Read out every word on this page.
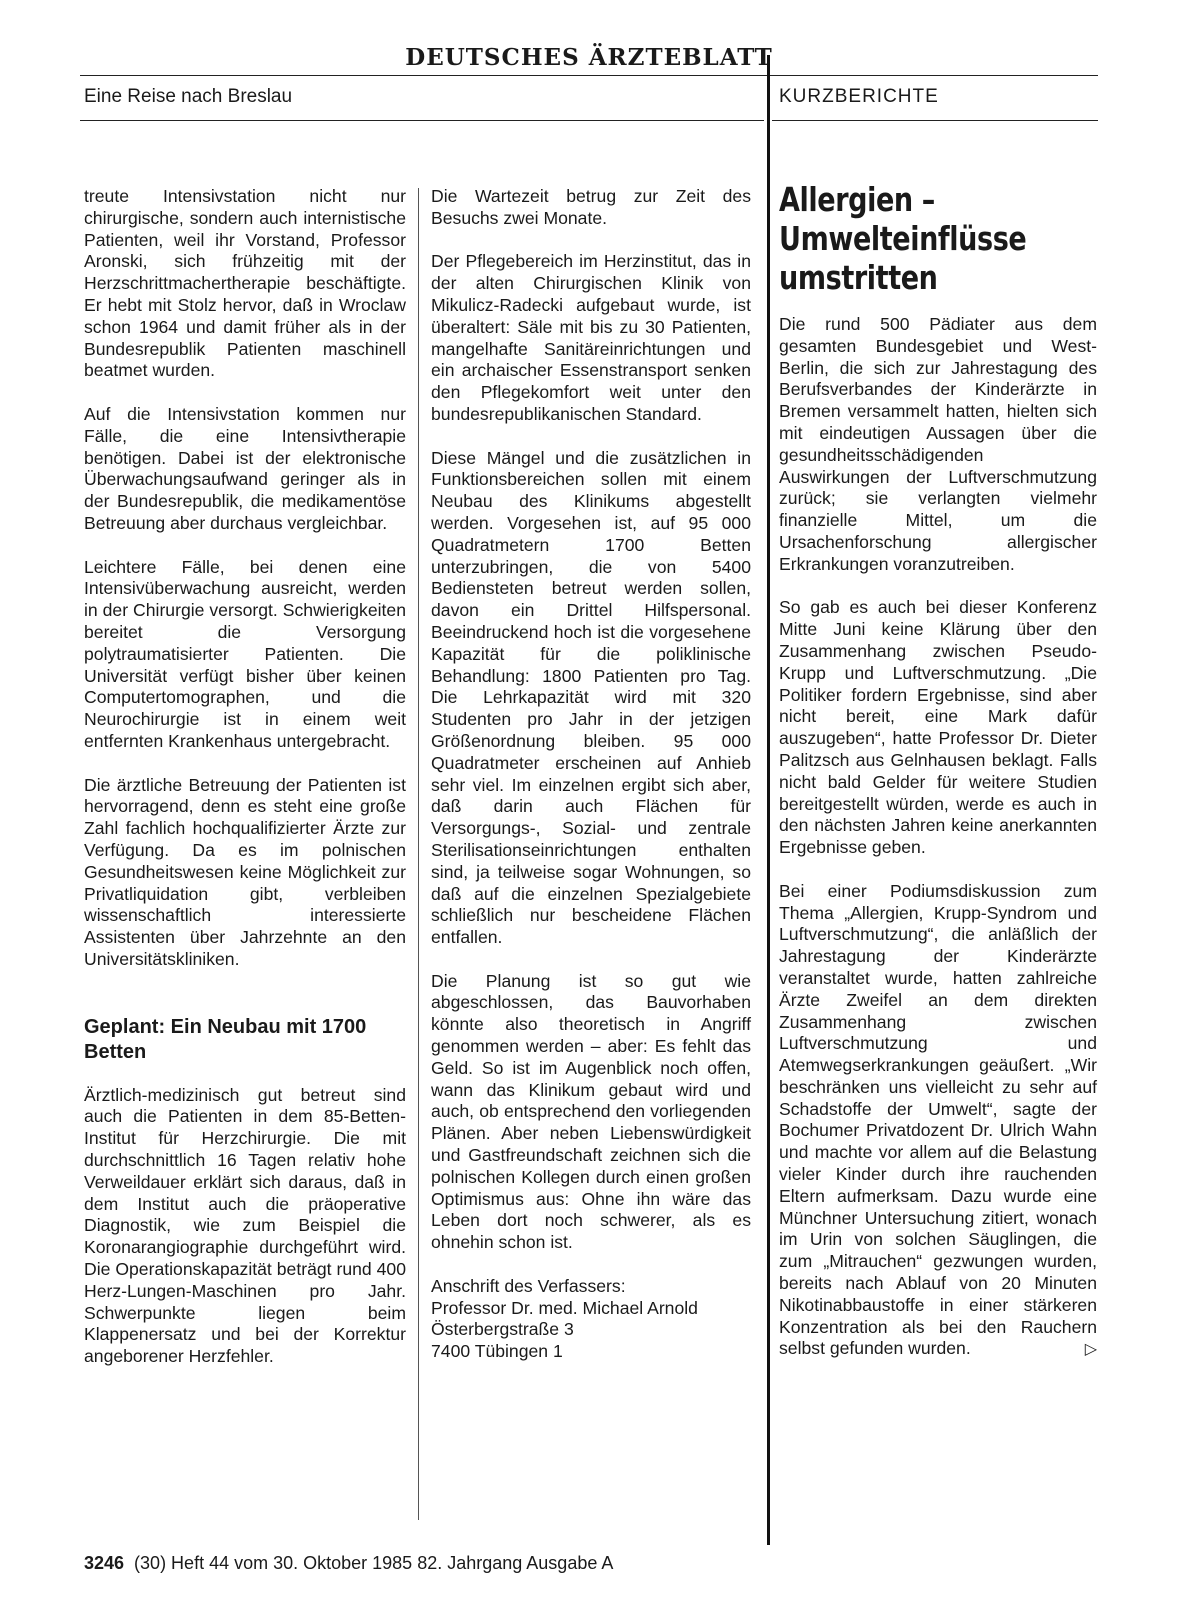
DEUTSCHES ÄRZTEBLATT
Eine Reise nach Breslau	KURZBERICHTE

treute Intensivstation nicht nur chirurgische, sondern auch internistische Patienten, weil ihr Vorstand, Professor Aronski, sich frühzeitig mit der Herzschrittmachertherapie beschäftigte. Er hebt mit Stolz hervor, daß in Wroclaw schon 1964 und damit früher als in der Bundesrepublik Patienten maschinell beatmet wurden.

Auf die Intensivstation kommen nur Fälle, die eine Intensivtherapie benötigen. Dabei ist der elektronische Überwachungsaufwand geringer als in der Bundesrepublik, die medikamentöse Betreuung aber durchaus vergleichbar.

Leichtere Fälle, bei denen eine Intensivüberwachung ausreicht, werden in der Chirurgie versorgt. Schwierigkeiten bereitet die Versorgung polytraumatisierter Patienten. Die Universität verfügt bisher über keinen Computertomographen, und die Neurochirurgie ist in einem weit entfernten Krankenhaus untergebracht.

Die ärztliche Betreuung der Patienten ist hervorragend, denn es steht eine große Zahl fachlich hochqualifizierter Ärzte zur Verfügung. Da es im polnischen Gesundheitswesen keine Möglichkeit zur Privatliquidation gibt, verbleiben wissenschaftlich interessierte Assistenten über Jahrzehnte an den Universitätskliniken.

Geplant: Ein Neubau mit 1700 Betten

Ärztlich-medizinisch gut betreut sind auch die Patienten in dem 85-Betten-Institut für Herzchirurgie. Die mit durchschnittlich 16 Tagen relativ hohe Verweildauer erklärt sich daraus, daß in dem Institut auch die präoperative Diagnostik, wie zum Beispiel die Koronarangiographie durchgeführt wird. Die Operationskapazität beträgt rund 400 Herz-Lungen-Maschinen pro Jahr. Schwerpunkte liegen beim Klappenersatz und bei der Korrektur angeborener Herzfehler.

Die Wartezeit betrug zur Zeit des Besuchs zwei Monate.

Der Pflegebereich im Herzinstitut, das in der alten Chirurgischen Klinik von Mikulicz-Radecki aufgebaut wurde, ist überaltert: Säle mit bis zu 30 Patienten, mangelhafte Sanitäreinrichtungen und ein archaischer Essenstransport senken den Pflegekomfort weit unter den bundesrepublikanischen Standard.

Diese Mängel und die zusätzlichen in Funktionsbereichen sollen mit einem Neubau des Klinikums abgestellt werden. Vorgesehen ist, auf 95 000 Quadratmetern 1700 Betten unterzubringen, die von 5400 Bediensteten betreut werden sollen, davon ein Drittel Hilfspersonal. Beeindruckend hoch ist die vorgesehene Kapazität für die poliklinische Behandlung: 1800 Patienten pro Tag. Die Lehrkapazität wird mit 320 Studenten pro Jahr in der jetzigen Größenordnung bleiben. 95 000 Quadratmeter erscheinen auf Anhieb sehr viel. Im einzelnen ergibt sich aber, daß darin auch Flächen für Versorgungs-, Sozial- und zentrale Sterilisationseinrichtungen enthalten sind, ja teilweise sogar Wohnungen, so daß auf die einzelnen Spezialgebiete schließlich nur bescheidene Flächen entfallen.

Die Planung ist so gut wie abgeschlossen, das Bauvorhaben könnte also theoretisch in Angriff genommen werden – aber: Es fehlt das Geld. So ist im Augenblick noch offen, wann das Klinikum gebaut wird und auch, ob entsprechend den vorliegenden Plänen. Aber neben Liebenswürdigkeit und Gastfreundschaft zeichnen sich die polnischen Kollegen durch einen großen Optimismus aus: Ohne ihn wäre das Leben dort noch schwerer, als es ohnehin schon ist.

Anschrift des Verfassers:
Professor Dr. med. Michael Arnold
Österbergstraße 3
7400 Tübingen 1
Allergien –
Umwelteinflüsse
umstritten

Die rund 500 Pädiater aus dem gesamten Bundesgebiet und West-Berlin, die sich zur Jahrestagung des Berufsverbandes der Kinderärzte in Bremen versammelt hatten, hielten sich mit eindeutigen Aussagen über die gesundheitsschädigenden Auswirkungen der Luftverschmutzung zurück; sie verlangten vielmehr finanzielle Mittel, um die Ursachenforschung allergischer Erkrankungen voranzutreiben.

So gab es auch bei dieser Konferenz Mitte Juni keine Klärung über den Zusammenhang zwischen Pseudo-Krupp und Luftverschmutzung. „Die Politiker fordern Ergebnisse, sind aber nicht bereit, eine Mark dafür auszugeben“, hatte Professor Dr. Dieter Palitzsch aus Gelnhausen beklagt. Falls nicht bald Gelder für weitere Studien bereitgestellt würden, werde es auch in den nächsten Jahren keine anerkannten Ergebnisse geben.

Bei einer Podiumsdiskussion zum Thema „Allergien, Krupp-Syndrom und Luftverschmutzung“, die anläßlich der Jahrestagung der Kinderärzte veranstaltet wurde, hatten zahlreiche Ärzte Zweifel an dem direkten Zusammenhang zwischen Luftverschmutzung und Atemwegserkrankungen geäußert. „Wir beschränken uns vielleicht zu sehr auf Schadstoffe der Umwelt“, sagte der Bochumer Privatdozent Dr. Ulrich Wahn und machte vor allem auf die Belastung vieler Kinder durch ihre rauchenden Eltern aufmerksam. Dazu wurde eine Münchner Untersuchung zitiert, wonach im Urin von solchen Säuglingen, die zum „Mitrauchen“ gezwungen wurden, bereits nach Ablauf von 20 Minuten Nikotinabbaustoffe in einer stärkeren Konzentration als bei den Rauchern selbst gefunden wurden.	▷

3246 (30) Heft 44 vom 30. Oktober 1985 82. Jahrgang Ausgabe A
